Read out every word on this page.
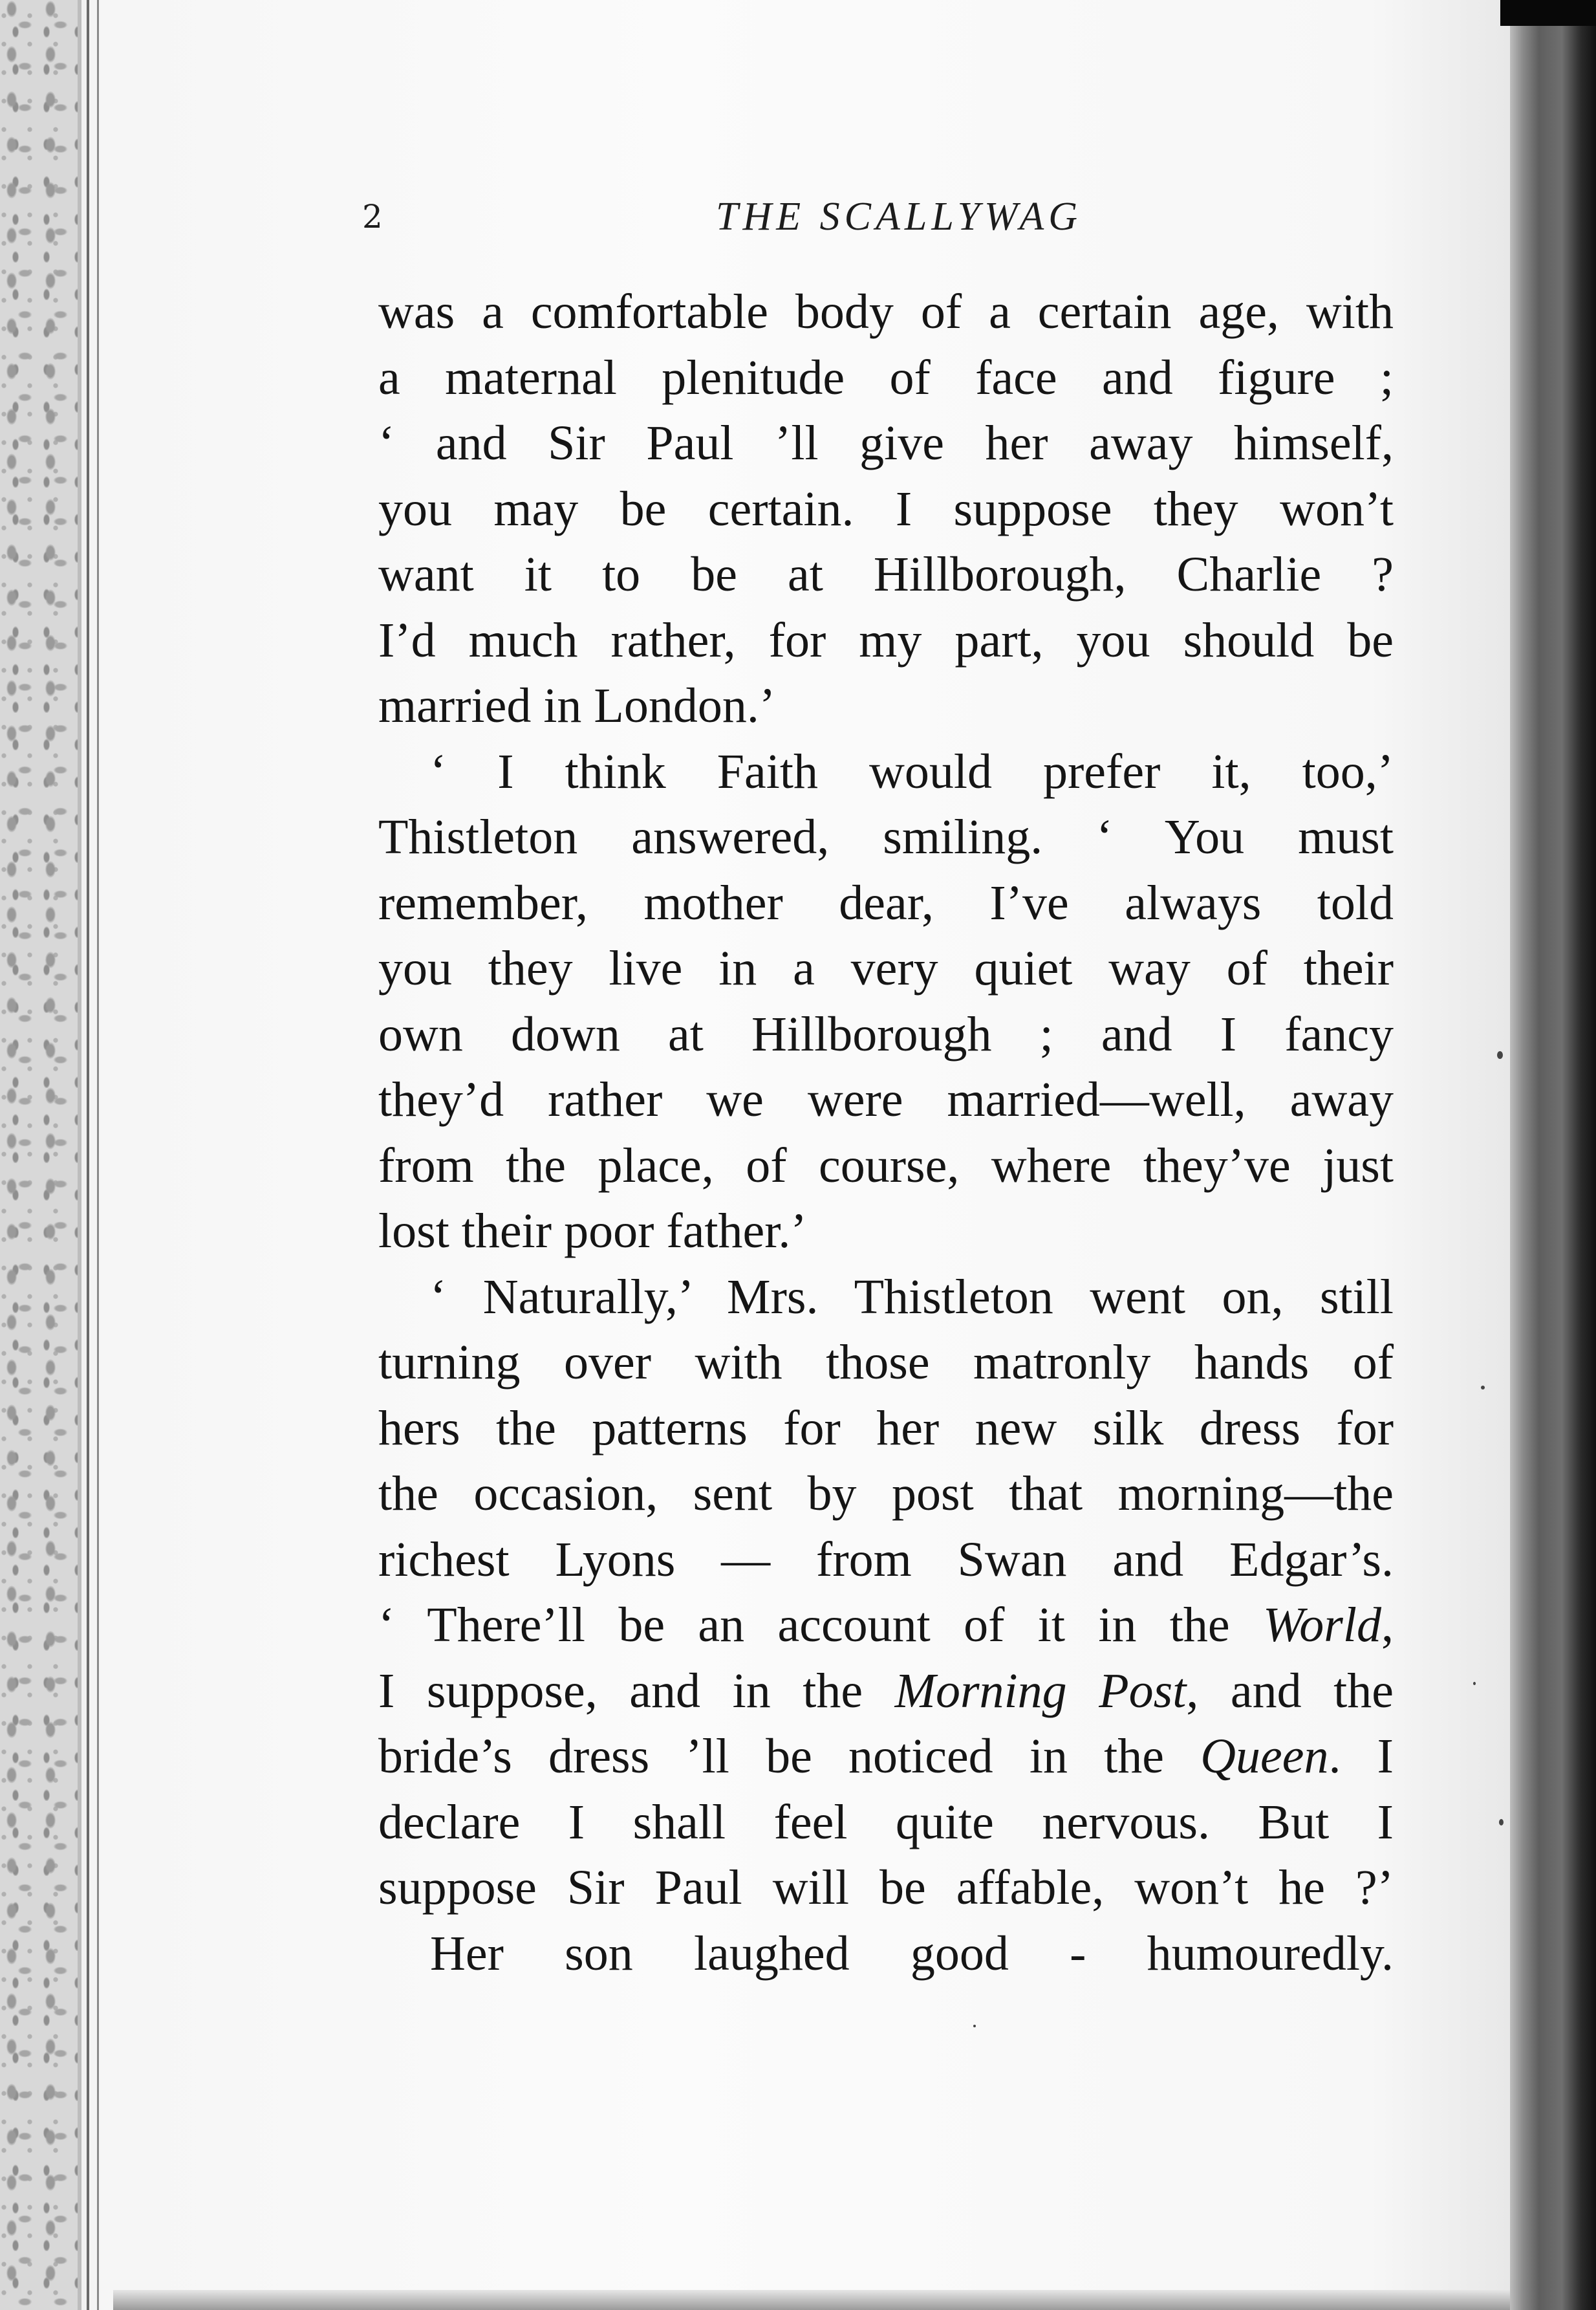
2	THE SCALLYWAG
was a comfortable body of a certain age, with
a maternal plenitude of face and figure ;
‘ and Sir Paul ’ll give her away himself,
you may be certain. I suppose they won’t
want it to be at Hillborough, Charlie ?
I’d much rather, for my part, you should be
married in London.’
‘ I think Faith would prefer it, too,’
Thistleton answered, smiling. ‘ You must
remember, mother dear, I’ve always told
you they live in a very quiet way of their
own down at Hillborough ; and I fancy
they’d rather we were married—well, away
from the place, of course, where they’ve just
lost their poor father.’
‘ Naturally,’ Mrs. Thistleton went on, still
turning over with those matronly hands of
hers the patterns for her new silk dress for
the occasion, sent by post that morning—the
richest Lyons — from Swan and Edgar’s.
‘ There’ll be an account of it in the World,
I suppose, and in the Morning Post, and the
bride’s dress ’ll be noticed in the Queen. I
declare I shall feel quite nervous. But I
suppose Sir Paul will be affable, won’t he ?’
Her son laughed good - humouredly.
